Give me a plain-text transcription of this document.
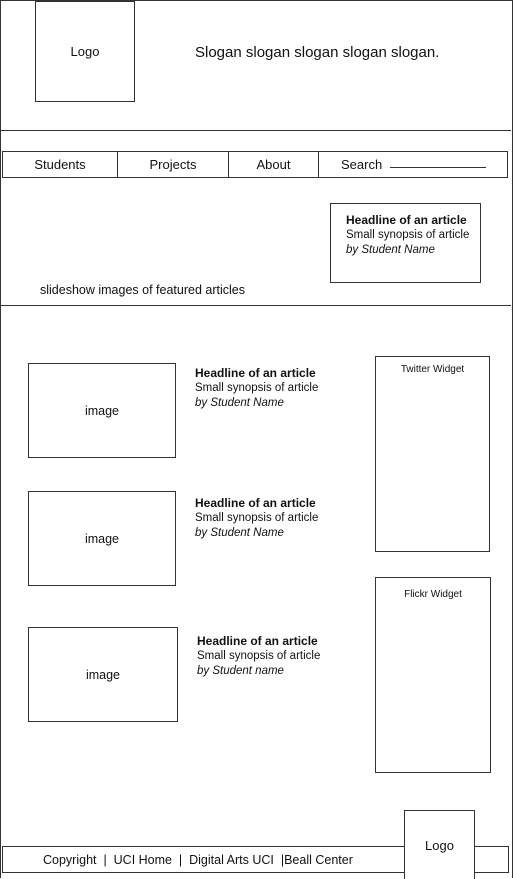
Logo	Slogan slogan slogan slogan slogan.
Students	Projects	About	Search
Headline of an article
Small synopsis of article
by Student Name
slideshow images of featured articles
image
Headline of an article
Small synopsis of article
by Student Name
image
Headline of an article
Small synopsis of article
by Student Name
image
Headline of an article
Small synopsis of article
by Student name
Twitter Widget
Flickr Widget
Copyright | UCI Home | Digital Arts UCI | Beall Center
Logo
